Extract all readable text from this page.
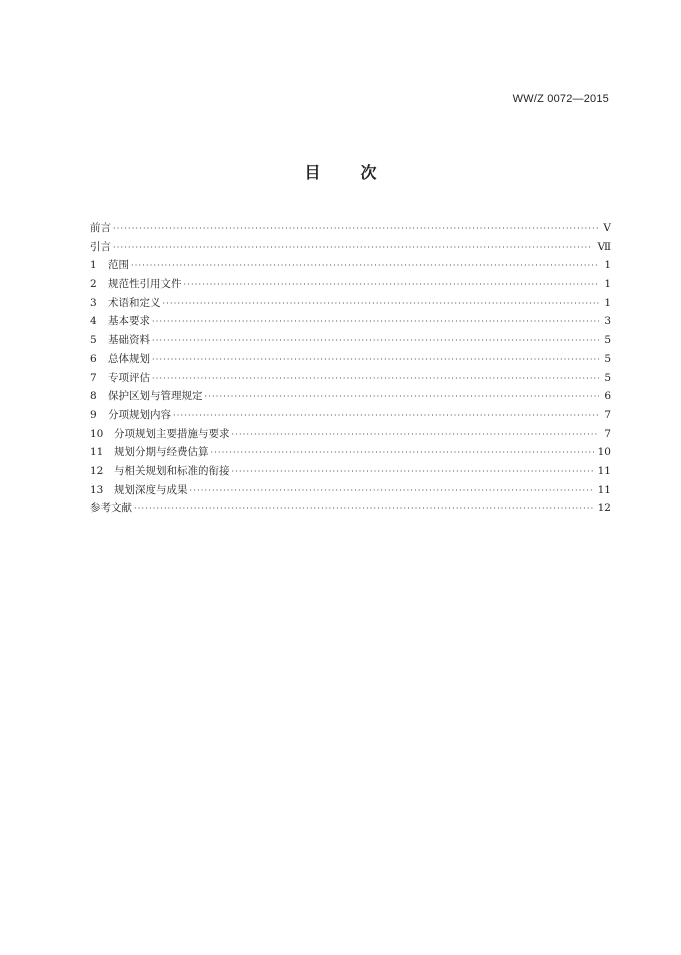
WW/Z 0072—2015
目	次
前言 ·····	Ⅴ
引言 ·····	Ⅶ
1	范围 ·····	1
2	规范性引用文件 ·····	1
3	术语和定义 ·····	1
4	基本要求 ·····	3
5	基础资料 ·····	5
6	总体规划 ·····	5
7	专项评估 ·····	5
8	保护区划与管理规定 ·····	6
9	分项规划内容 ·····	7
10	分项规划主要措施与要求 ·····	7
11	规划分期与经费估算 ·····	10
12	与相关规划和标准的衔接 ·····	11
13	规划深度与成果 ·····	11
参考文献 ·····	12
